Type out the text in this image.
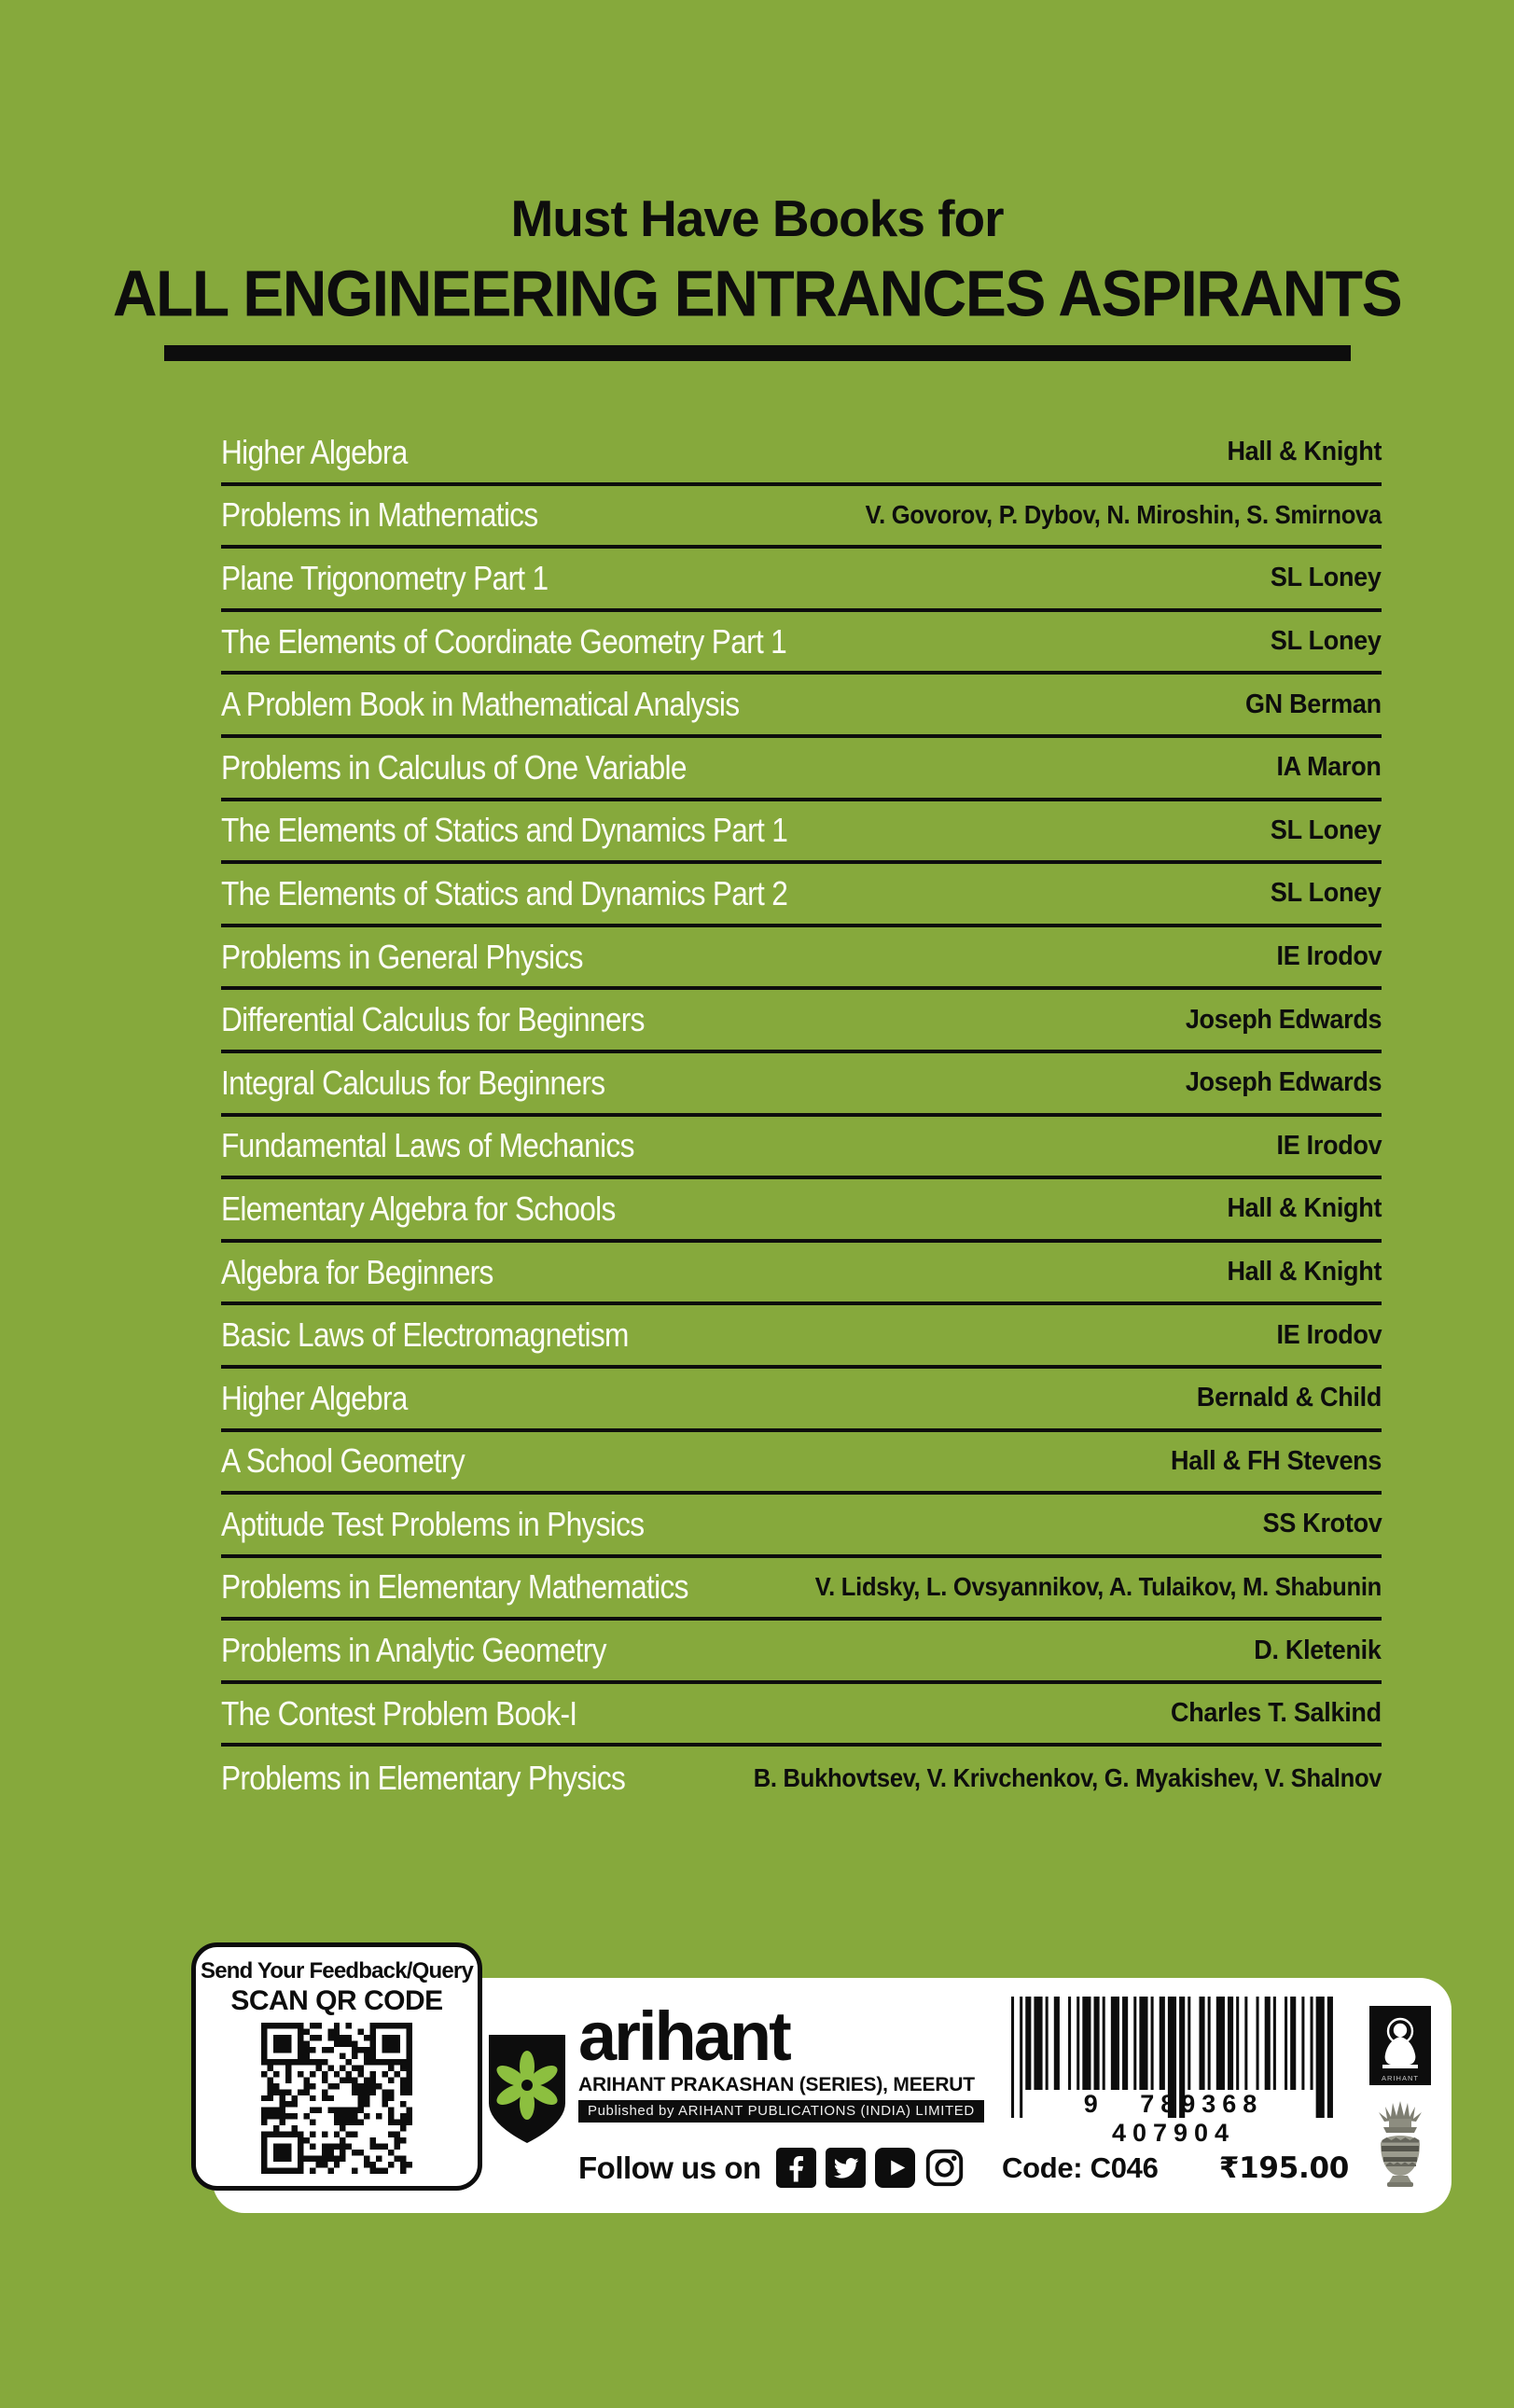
Must Have Books for
ALL ENGINEERING ENTRANCES ASPIRANTS
Higher Algebra	Hall & Knight
Problems in Mathematics	V. Govorov, P. Dybov, N. Miroshin, S. Smirnova
Plane Trigonometry Part 1	SL Loney
The Elements of Coordinate Geometry Part 1	SL Loney
A Problem Book in Mathematical Analysis	GN Berman
Problems in Calculus of One Variable	IA Maron
The Elements of Statics and Dynamics Part 1	SL Loney
The Elements of Statics and Dynamics Part 2	SL Loney
Problems in General Physics	IE Irodov
Differential Calculus for Beginners	Joseph Edwards
Integral Calculus for Beginners	Joseph Edwards
Fundamental Laws of Mechanics	IE Irodov
Elementary Algebra for Schools	Hall & Knight
Algebra for Beginners	Hall & Knight
Basic Laws of Electromagnetism	IE Irodov
Higher Algebra	Bernald & Child
A School Geometry	Hall & FH Stevens
Aptitude Test Problems in Physics	SS Krotov
Problems in Elementary Mathematics	V. Lidsky, L. Ovsyannikov, A. Tulaikov, M. Shabunin
Problems in Analytic Geometry	D. Kletenik
The Contest Problem Book-I	Charles T. Salkind
Problems in Elementary Physics	B. Bukhovtsev, V. Krivchenkov, G. Myakishev, V. Shalnov
arihant
ARIHANT PRAKASHAN (SERIES), MEERUT
Published by ARIHANT PUBLICATIONS (INDIA) LIMITED
Follow us on
9 789368 407904
Code: C046 ₹195.00
ARIHANT
Send Your Feedback/Query
SCAN QR CODE
